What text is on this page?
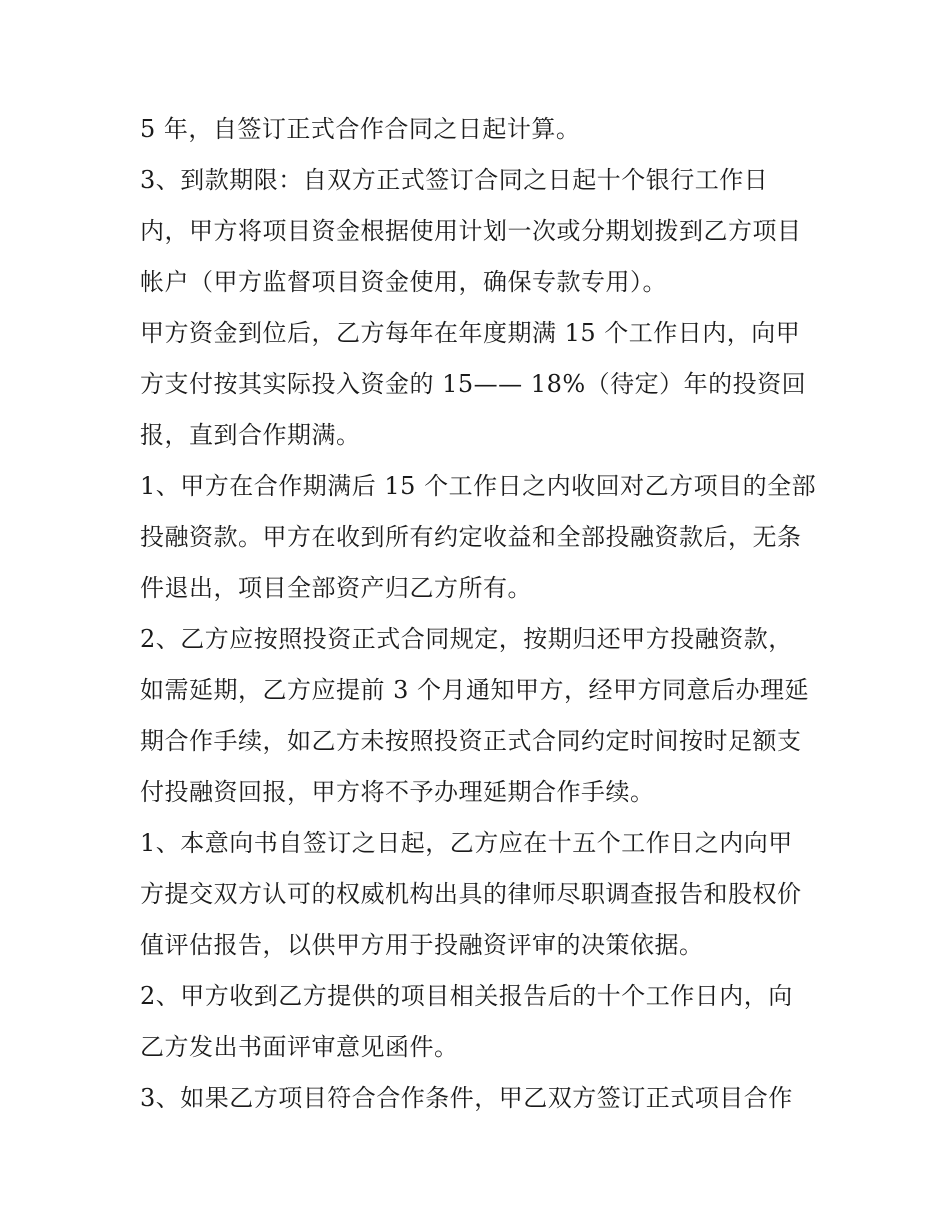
5 年，自签订正式合作合同之日起计算。
3、到款期限：自双方正式签订合同之日起十个银行工作日
内，甲方将项目资金根据使用计划一次或分期划拨到乙方项目
帐户（甲方监督项目资金使用，确保专款专用）。
甲方资金到位后，乙方每年在年度期满 15 个工作日内，向甲
方支付按其实际投入资金的 15—— 18%（待定）年的投资回
报，直到合作期满。
1、甲方在合作期满后 15 个工作日之内收回对乙方项目的全部
投融资款。甲方在收到所有约定收益和全部投融资款后，无条
件退出，项目全部资产归乙方所有。
2、乙方应按照投资正式合同规定，按期归还甲方投融资款，
如需延期，乙方应提前 3 个月通知甲方，经甲方同意后办理延
期合作手续，如乙方未按照投资正式合同约定时间按时足额支
付投融资回报，甲方将不予办理延期合作手续。
1、本意向书自签订之日起，乙方应在十五个工作日之内向甲
方提交双方认可的权威机构出具的律师尽职调查报告和股权价
值评估报告，以供甲方用于投融资评审的决策依据。
2、甲方收到乙方提供的项目相关报告后的十个工作日内，向
乙方发出书面评审意见函件。
3、如果乙方项目符合合作条件，甲乙双方签订正式项目合作
